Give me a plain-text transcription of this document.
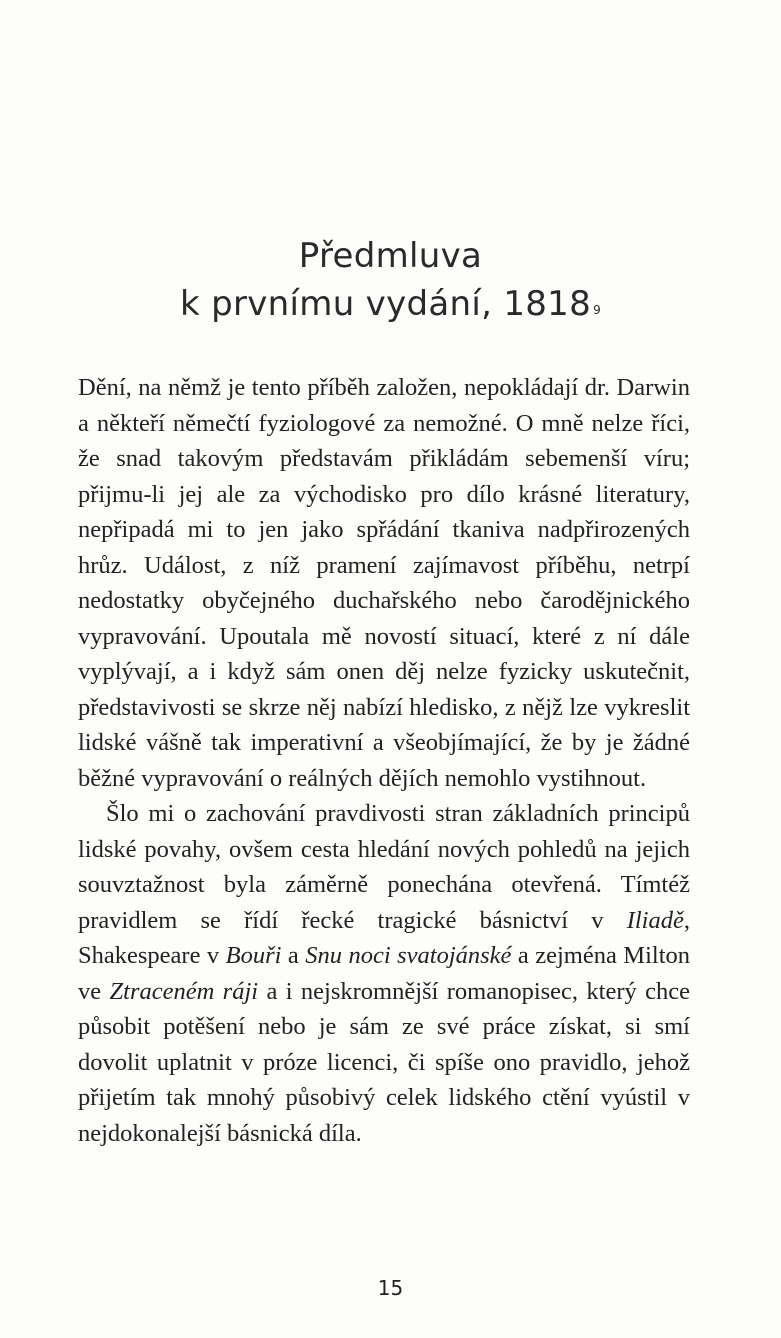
Předmluva
k prvnímu vydání, 1818 $^9$

Dění, na němž je tento příběh založen, nepokládají dr. Darwin a někteří němečtí fyziologové za nemožné. O mně nelze říci, že snad takovým představám přikládám sebemenší víru; přijmu-li jej ale za východisko pro dílo krásné literatury, nepřipadá mi to jen jako spřádání tkaniva nadpřirozených hrůz. Událost, z níž pramení zajímavost příběhu, netrpí nedostatky obyčejného duchařského nebo čarodějnického vypravování. Upoutala mě novostí situací, které z ní dále vyplývají, a i když sám onen děj nelze fyzicky uskutečnit, představivosti se skrze něj nabízí hledisko, z nějž lze vykreslit lidské vášně tak imperativní a všeobjímající, že by je žádné běžné vypravování o reálných dějích nemohlo vystihnout.

Šlo mi o zachování pravdivosti stran základních principů lidské povahy, ovšem cesta hledání nových pohledů na jejich souvztažnost byla záměrně ponechána otevřená. Tímtéž pravidlem se řídí řecké tragické básnictví v Iliadě, Shakespeare v Bouři a Snu noci svatojánské a zejména Milton ve Ztraceném ráji a i nejskromnější romanopisec, který chce působit potěšení nebo je sám ze své práce získat, si smí dovolit uplatnit v próze licenci, či spíše ono pravidlo, jehož přijetím tak mnohý působivý celek lidského ctění vyústil v nejdokonalejší básnická díla.

15
